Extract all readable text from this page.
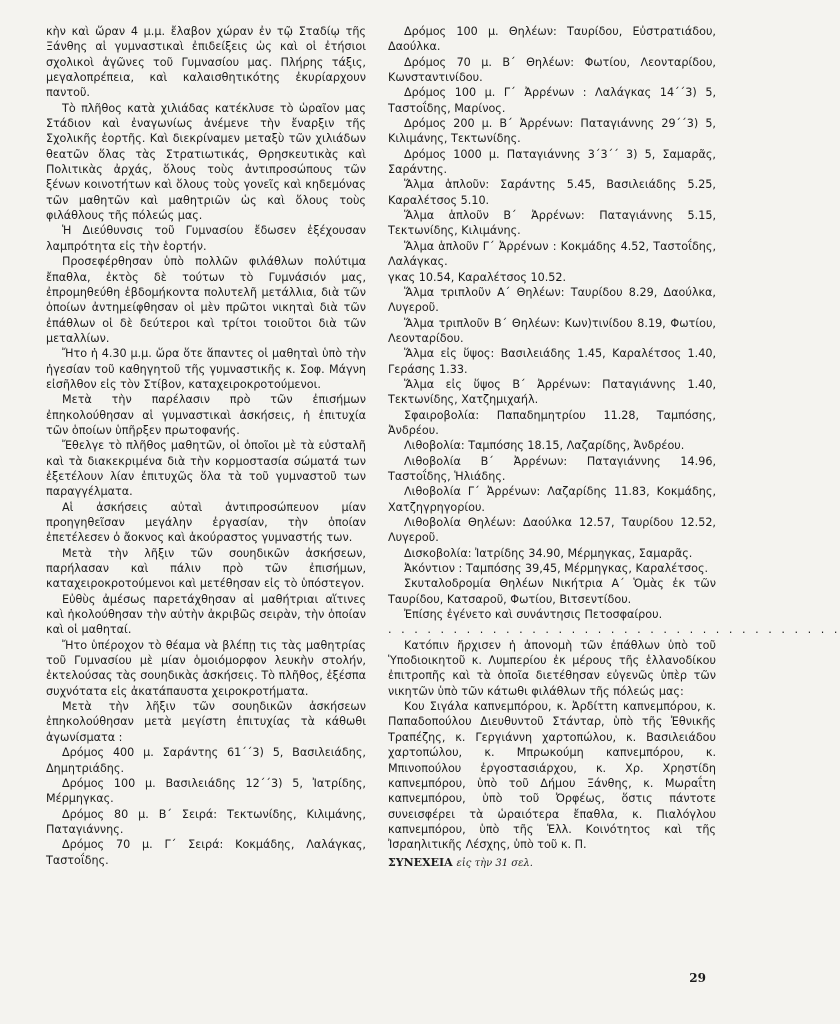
κὴν καὶ ὥραν 4 μ.μ. ἔλαβον χώραν ἐν τῷ Σταδίῳ τῆς Ξάνθης αἱ γυμναστικαὶ ἐπιδείξεις ὡς καὶ οἱ ἐτήσιοι σχολικοὶ ἀγῶνες τοῦ Γυμνασίου μας. Πλήρης τάξις, μεγαλοπρέπεια, καὶ καλαισθητικότης ἐκυρίαρχουν παντοῦ.

Τὸ πλῆθος κατὰ χιλιάδας κατέκλυσε τὸ ὡραῖον μας Στάδιον καὶ ἐναγωνίως ἀνέμενε τὴν ἔναρξιν τῆς Σχολικῆς ἑορτῆς. Καὶ διεκρίναμεν μεταξὺ τῶν χιλιάδων θεατῶν ὅλας τὰς Στρατιωτικάς, Θρησκευτικὰς καὶ Πολιτικὰς ἀρχάς, ὅλους τοὺς ἀντιπροσώπους τῶν ξένων κοινοτήτων καὶ ὅλους τοὺς γονεῖς καὶ κηδεμόνας τῶν μαθητῶν καὶ μαθητριῶν ὡς καὶ ὅλους τοὺς φιλάθλους τῆς πόλεώς μας.

Ἡ Διεύθυνσις τοῦ Γυμνασίου ἔδωσεν ἐξέχουσαν λαμπρότητα εἰς τὴν ἑορτήν.

Προσεφέρθησαν ὑπὸ πολλῶν φιλάθλων πολύτιμα ἔπαθλα, ἐκτὸς δὲ τούτων τὸ Γυμνάσιόν μας, ἐπρομηθεύθη ἑβδομήκοντα πολυτελῆ μετάλλια, διὰ τῶν ὁποίων ἀντημείφθησαν οἱ μὲν πρῶτοι νικηταὶ διὰ τῶν ἐπάθλων οἱ δὲ δεύτεροι καὶ τρίτοι τοιοῦτοι διὰ τῶν μεταλλίων.

Ἤτο ἡ 4.30 μ.μ. ὥρα ὅτε ἅπαντες οἱ μαθηταὶ ὑπὸ τὴν ἡγεσίαν τοῦ καθηγητοῦ τῆς γυμναστικῆς κ. Σοφ. Μάγνη εἰσῆλθον εἰς τὸν Στίβον, καταχειροκροτούμενοι.

Μετὰ τὴν παρέλασιν πρὸ τῶν ἐπισήμων ἐπηκολούθησαν αἱ γυμναστικαὶ ἀσκήσεις, ἡ ἐπιτυχία τῶν ὁποίων ὑπῆρξεν πρωτοφανής.

Ἔθελγε τὸ πλῆθος μαθητῶν, οἱ ὁποῖοι μὲ τὰ εὐσταλῆ καὶ τὰ διακεκριμένα διὰ τὴν κορμοστασία σώματά των ἐξετέλουν λίαν ἐπιτυχῶς ὅλα τὰ τοῦ γυμναστοῦ των παραγγέλματα.

Αἱ ἀσκήσεις αὐταὶ ἀντιπροσώπευον μίαν προηγηθεῖσαν μεγάλην ἐργασίαν, τὴν ὁποίαν ἐπετέλεσεν ὁ ἄοκνος καὶ ἀκούραστος γυμναστής των.

Μετὰ τὴν λῆξιν τῶν σουηδικῶν ἀσκήσεων, παρήλασαν καὶ πάλιν πρὸ τῶν ἐπισήμων, καταχειροκροτούμενοι καὶ μετέθησαν εἰς τὸ ὑπόστεγον.

Εὐθὺς ἀμέσως παρετάχθησαν αἱ μαθήτριαι αἵτινες καὶ ἠκολούθησαν τὴν αὐτὴν ἀκριβῶς σειρὰν, τὴν ὁποίαν καὶ οἱ μαθηταί.

Ἤτο ὑπέροχον τὸ θέαμα νὰ βλέπῃ τις τὰς μαθητρίας τοῦ Γυμνασίου μὲ μίαν ὁμοιόμορφον λευκὴν στολήν, ἐκτελούσας τὰς σουηδικὰς ἀσκήσεις. Τὸ πλῆθος, ἐξέσπα συχνότατα εἰς ἀκατάπαυστα χειροκροτήματα.

Μετὰ τὴν λῆξιν τῶν σουηδικῶν ἀσκήσεων ἐπηκολούθησαν μετὰ μεγίστη ἐπιτυχίας τὰ κάθωθι ἀγωνίσματα :

Δρόμος 400 μ. Σαράντης 61΄΄3) 5, Βασιλειάδης, Δημητριάδης.

Δρόμος 100 μ. Βασιλειάδης 12΄΄3) 5, Ἰατρίδης, Μέρμηγκας.

Δρόμος 80 μ. Β΄ Σειρά: Τεκτωνίδης, Κιλιμάνης, Παταγιάννης.

Δρόμος 70 μ. Γ΄ Σειρά: Κοκμάδης, Λαλάγκας, Ταστοΐδης.

Δρόμος 100 μ. Θηλέων: Ταυρίδου, Εὐστρατιάδου, Δαούλκα.

Δρόμος 70 μ. Β΄ Θηλέων: Φωτίου, Λεονταρίδου, Κωνσταντινίδου.

Δρόμος 100 μ. Γ΄ Ἀρρένων : Λαλάγκας 14΄΄3) 5, Ταστοΐδης, Μαρίνος.

Δρόμος 200 μ. Β΄ Ἀρρένων: Παταγιάννης 29΄΄3) 5, Κιλιμάνης, Τεκτωνίδης.

Δρόμος 1000 μ. Παταγιάννης 3΄3΄΄ 3) 5, Σαμαρᾶς, Σαράντης.

Ἅλμα ἁπλοῦν: Σαράντης 5.45, Βασιλειάδης 5.25, Καραλέτσος 5.10.

Ἅλμα ἁπλοῦν Β΄ Ἀρρένων: Παταγιάννης 5.15, Τεκτωνίδης, Κιλιμάνης.

Ἅλμα ἁπλοῦν Γ΄ Ἀρρένων : Κοκμάδης 4.52, Ταστοΐδης, Λαλάγκας.

γκας 10.54, Καραλέτσος 10.52.

Ἅλμα τριπλοῦν Α΄ Θηλέων: Ταυρίδου 8.29, Δαούλκα, Λυγεροῦ.

Ἅλμα τριπλοῦν Β΄ Θηλέων: Κων)τινίδου 8.19, Φωτίου, Λεονταρίδου.

Ἅλμα εἰς ὕψος: Βασιλειάδης 1.45, Καραλέτσος 1.40, Γεράσης 1.33.

Ἅλμα εἰς ὕψος Β΄ Ἀρρένων: Παταγιάννης 1.40, Τεκτωνίδης, Χατζημιχαήλ.

Σφαιροβολία: Παπαδημητρίου 11.28, Ταμπόσης, Ἀνδρέου.

Λιθοβολία: Ταμπόσης 18.15, Λαζαρίδης, Ἀνδρέου.

Λιθοβολία Β΄ Ἀρρένων: Παταγιάννης 14.96, Ταστοΐδης, Ἡλιάδης.

Λιθοβολία Γ΄ Ἀρρένων: Λαζαρίδης 11.83, Κοκμάδης, Χατζηγρηγορίου.

Λιθοβολία Θηλέων: Δαούλκα 12.57, Ταυρίδου 12.52, Λυγεροῦ.

Δισκοβολία: Ἰατρίδης 34.90, Μέρμηγκας, Σαμαρᾶς.

Ἀκόντιον : Ταμπόσης 39,45, Μέρμηγκας, Καραλέτσος.

Σκυταλοδρομία Θηλέων Νικήτρια Α΄ Ὁμὰς ἐκ τῶν Ταυρίδου, Κατσαροῦ, Φωτίου, Βιτσεντίδου.

Ἐπίσης ἐγένετο καὶ συνάντησις Πετοσφαίρου.

. . . . . . . . . . . . . . . . . . . . . . . . . . . . . . . . . . .

Κατόπιν ἤρχισεν ἡ ἀπονομὴ τῶν ἐπάθλων ὑπὸ τοῦ Ὑποδιοικητοῦ κ. Λυμπερίου ἐκ μέρους τῆς ἑλλανοδίκου ἐπιτροπῆς καὶ τὰ ὁποῖα διετέθησαν εὐγενῶς ὑπὲρ τῶν νικητῶν ὑπὸ τῶν κάτωθι φιλάθλων τῆς πόλεώς μας:

Κου Σιγάλα καπνεμπόρου, κ. Ἀρδίττη καπνεμπόρου, κ. Παπαδοπούλου Διευθυντοῦ Στάνταρ, ὑπὸ τῆς Ἐθνικῆς Τραπέζης, κ. Γεργιάννη χαρτοπώλου, κ. Βασιλειάδου χαρτοπώλου, κ. Μπρωκούμη καπνεμπόρου, κ. Μπινοπούλου ἐργοστασιάρχου, κ. Χρ. Χρηστίδη καπνεμπόρου, ὑπὸ τοῦ Δήμου Ξάνθης, κ. Μωραΐτη καπνεμπόρου, ὑπὸ τοῦ Ὀρφέως, ὅστις πάντοτε συνεισφέρει τὰ ὡραιότερα ἔπαθλα, κ. Πιαλόγλου καπνεμπόρου, ὑπὸ τῆς Ἑλλ. Κοινότητος καὶ τῆς Ἰσραηλιτικῆς Λέσχης, ὑπὸ τοῦ κ. Π.

ΣΥΝΕΧΕΙΑ εἰς τὴν 31 σελ.

29
